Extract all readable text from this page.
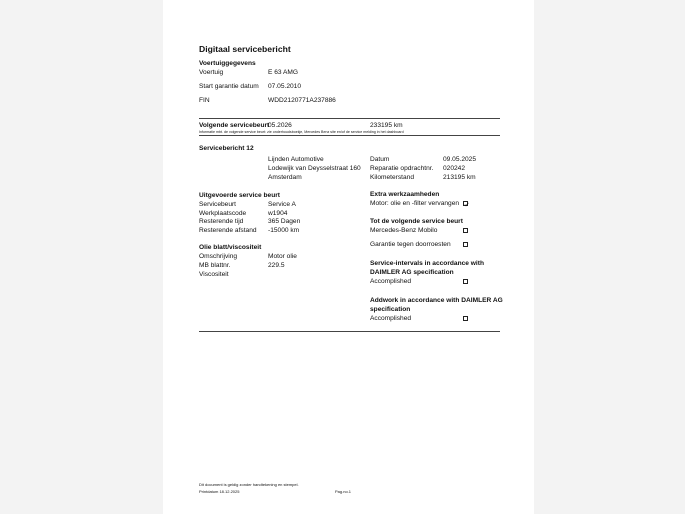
Digitaal servicebericht
Voertuiggegevens
Voertuig	E 63 AMG
Start garantie datum 07.05.2010
FIN	WDD2120771A237886
Volgende servicebeurt
05.2026	233195 km
Informatie mbt. de volgende service beurt: zie onderhoudsboekje, Mercedes Benz site en/of de service melding in het dashboard
Servicebericht 12
Lijnden Automotive
Lodewijk van Deysselstraat 160
Amsterdam
Datum	09.05.2025
Reparatie opdrachtnr. 020242
Kilometerstand	213195 km
Uitgevoerde service beurt
Servicebeurt	Service A
Werkplaatscode	w1904
Resterende tijd	365 Dagen
Resterende afstand -15000 km
Olie blatt/viscositeit
Omschrijving	Motor olie
MB blattnr.	229.5
Viscositeit
Extra werkzaamheden
Motor: olie en -filter vervangen
Tot de volgende service beurt
Mercedes-Benz Mobilo
Garantie tegen doorroesten
Service-intervals in accordance with
DAIMLER AG specification
Accomplished
Addwork in accordance with DAIMLER AG
specification
Accomplished
Dit document is geldig zonder handtekening en stempel.
Printdatum 18.12.2025	Pag.no.1
